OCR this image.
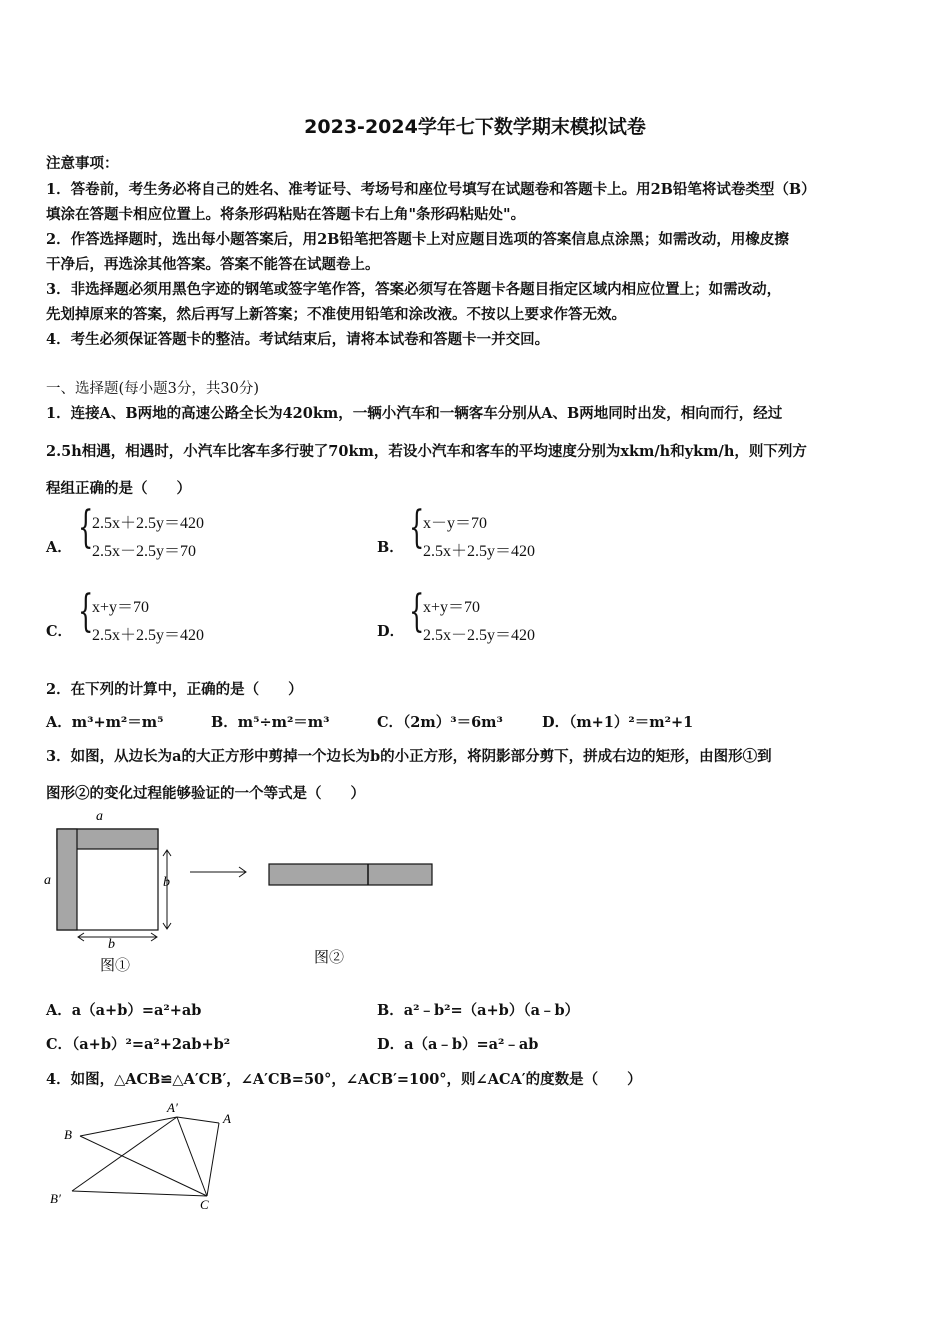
2023-2024学年七下数学期末模拟试卷
注意事项：
1．答卷前，考生务必将自己的姓名、准考证号、考场号和座位号填写在试题卷和答题卡上。用2B铅笔将试卷类型（B）
填涂在答题卡相应位置上。将条形码粘贴在答题卡右上角"条形码粘贴处"。
2．作答选择题时，选出每小题答案后，用2B铅笔把答题卡上对应题目选项的答案信息点涂黑；如需改动，用橡皮擦
干净后，再选涂其他答案。答案不能答在试题卷上。
3．非选择题必须用黑色字迹的钢笔或签字笔作答，答案必须写在答题卡各题目指定区域内相应位置上；如需改动，
先划掉原来的答案，然后再写上新答案；不准使用铅笔和涂改液。不按以上要求作答无效。
4．考生必须保证答题卡的整洁。考试结束后，请将本试卷和答题卡一并交回。
一、选择题(每小题3分，共30分)
1．连接A、B两地的高速公路全长为420km，一辆小汽车和一辆客车分别从A、B两地同时出发，相向而行，经过
2.5h相遇，相遇时，小汽车比客车多行驶了70km，若设小汽车和客车的平均速度分别为xkm/h和ykm/h，则下列方
程组正确的是（　　）
A． {
2.5x＋2.5y＝420
2.5x－2.5y＝70	B． {
x－y＝70
2.5x＋2.5y＝420
C． {
x+y＝70
2.5x＋2.5y＝420	D． {
x+y＝70
2.5x－2.5y＝420
2．在下列的计算中，正确的是（　　）
A．m³+m²＝m⁵	B．m⁵÷m²＝m³	C．（2m）³＝6m³	D．（m+1）²＝m²+1
3．如图，从边长为a的大正方形中剪掉一个边长为b的小正方形，将阴影部分剪下，拼成右边的矩形，由图形①到
图形②的变化过程能够验证的一个等式是（　　）
a
a	b
b
图①	图②
A．a（a+b）=a²+ab	B．a²﹣b²=（a+b）（a﹣b）
C．（a+b）²=a²+2ab+b²	D．a（a﹣b）=a²﹣ab
4．如图，△ACB≌△A′CB′，∠A′CB=50°，∠ACB′=100°，则∠ACA′的度数是（　　）
B
A′
A
B′	C
